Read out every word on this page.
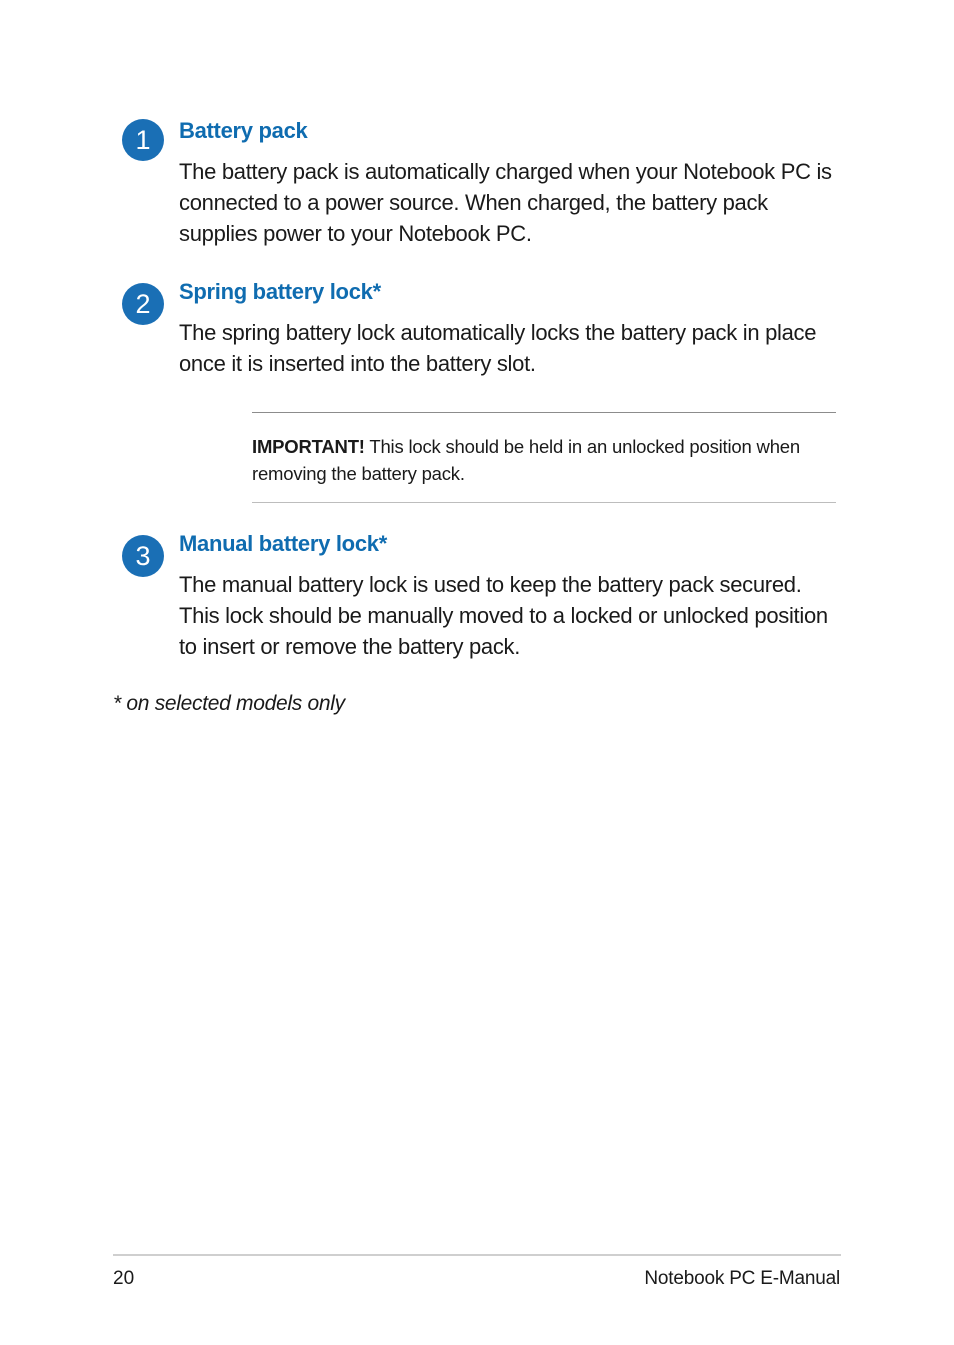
1	Battery pack
The battery pack is automatically charged when your Notebook PC is connected to a power source. When charged, the battery pack supplies power to your Notebook PC.
2	Spring battery lock*
The spring battery lock automatically locks the battery pack in place once it is inserted into the battery slot.
IMPORTANT! This lock should be held in an unlocked position when removing the battery pack.
3	Manual battery lock*
The manual battery lock is used to keep the battery pack secured. This lock should be manually moved to a locked or unlocked position to insert or remove the battery pack.
* on selected models only
20	Notebook PC E-Manual
